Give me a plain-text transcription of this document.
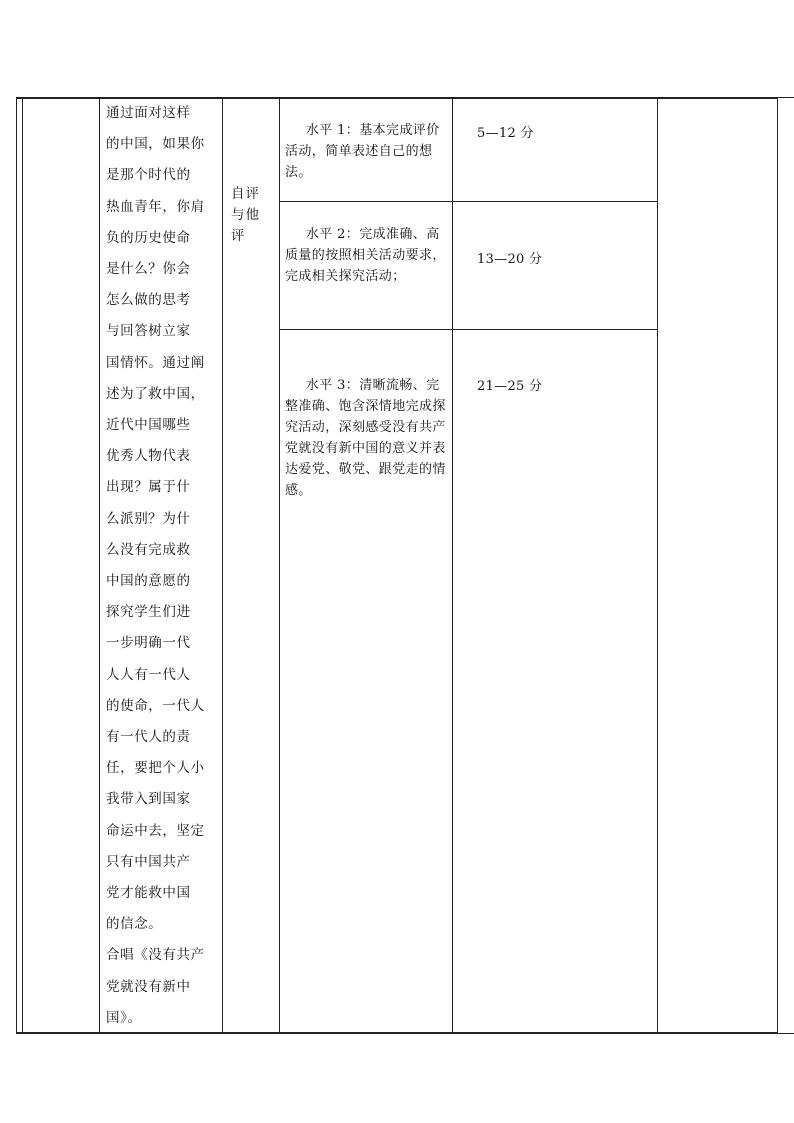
通过面对这样
的中国，如果你
是那个时代的
热血青年，你肩
负的历史使命
是什么？你会
怎么做的思考
与回答树立家
国情怀。通过阐
述为了救中国，
近代中国哪些
优秀人物代表
出现？属于什
么派别？为什
么没有完成救
中国的意愿的
探究学生们进
一步明确一代
人人有一代人
的使命，一代人
有一代人的责
任，要把个人小
我带入到国家
命运中去，坚定
只有中国共产
党才能救中国
的信念。
合唱《没有共产
党就没有新中
国》。
自评
与他
评
水平 1：基本完成评价活动，简单表述自己的想法。
5—12 分
水平 2：完成准确、高质量的按照相关活动要求，完成相关探究活动；
13—20 分
水平 3：清晰流畅、完整准确、饱含深情地完成探究活动，深刻感受没有共产党就没有新中国的意义并表达爱党、敬党、跟党走的情感。
21—25 分
